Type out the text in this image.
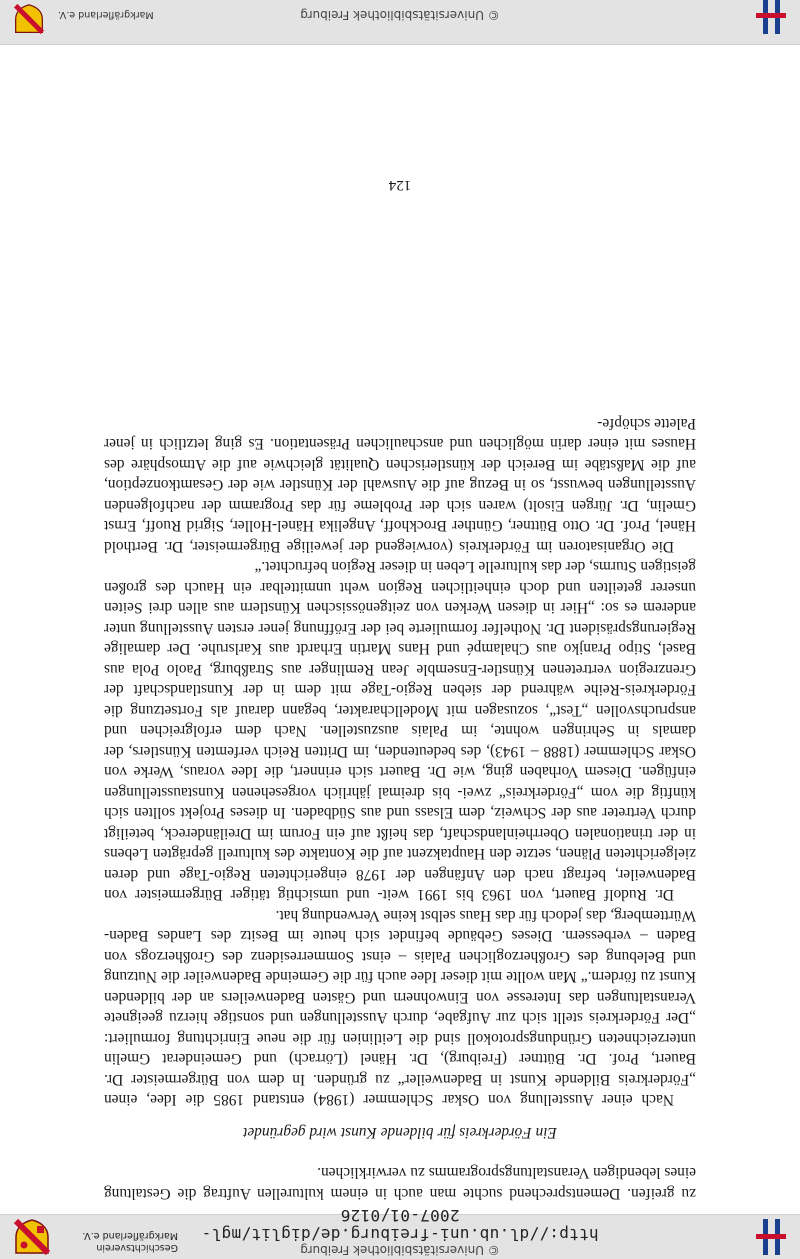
© Universitätsbibliothek Freiburg
http://dl.ub.uni-freiburg.de/diglit/mgl-2007-01/0126
Geschichtsverein
Markgräflerland e.V.

zu greifen. Dementsprechend suchte man auch in einem kulturellen Auftrag die Gestaltung eines lebendigen Veranstaltungsprogramms zu verwirklichen.

Ein Förderkreis für bildende Kunst wird gegründet

Nach einer Ausstellung von Oskar Schlemmer (1984) entstand 1985 die Idee, einen „Förderkreis Bildende Kunst in Badenweiler“ zu gründen. In dem von Bürgermeister Dr. Bauert, Prof. Dr. Büttner (Freiburg), Dr. Hänel (Lörrach) und Gemeinderat Gmelin unterzeichneten Gründungsprotokoll sind die Leitlinien für die neue Einrichtung formuliert: „Der Förderkreis stellt sich zur Aufgabe, durch Ausstellungen und sonstige hierzu geeignete Veranstaltungen das Interesse von Einwohnern und Gästen Badenweilers an der bildenden Kunst zu fördern.“ Man wollte mit dieser Idee auch für die Gemeinde Badenweiler die Nutzung und Belebung des Großherzoglichen Palais – einst Sommerresidenz des Großherzogs von Baden – verbessern. Dieses Gebäude befindet sich heute im Besitz des Landes Baden-Württemberg, das jedoch für das Haus selbst keine Verwendung hat.

Dr. Rudolf Bauert, von 1963 bis 1991 weit- und umsichtig tätiger Bürgermeister von Badenweiler, befragt nach den Anfängen der 1978 eingerichteten Regio-Tage und deren zielgerichteten Plänen, setzte den Hauptakzent auf die Kontakte des kulturell geprägten Lebens in der trinationalen Oberrheinlandschaft, das heißt auf ein Forum im Dreiländereck, beteiligt durch Vertreter aus der Schweiz, dem Elsass und aus Südbaden. In dieses Projekt sollten sich künftig die vom „Förderkreis“ zwei- bis dreimal jährlich vorgesehenen Kunstausstellungen einfügen. Diesem Vorhaben ging, wie Dr. Bauert sich erinnert, die Idee voraus, Werke von Oskar Schlemmer (1888 – 1943), des bedeutenden, im Dritten Reich verfemten Künstlers, der damals in Sehringen wohnte, im Palais auszustellen. Nach dem erfolgreichen und anspruchsvollen „Test“, sozusagen mit Modellcharakter, begann darauf als Fortsetzung die Förderkreis-Reihe während der sieben Regio-Tage mit dem in der Kunstlandschaft der Grenzregion vertretenen Künstler-Ensemble Jean Remlinger aus Straßburg, Paolo Pola aus Basel, Stipo Pranjko aus Chalampé und Hans Martin Erhardt aus Karlsruhe. Der damalige Regierungspräsident Dr. Nothelfer formulierte bei der Eröffnung jener ersten Ausstellung unter anderem es so: „Hier in diesen Werken von zeitgenössischen Künstlern aus allen drei Seiten unserer geteilten und doch einheitlichen Region weht unmittelbar ein Hauch des großen geistigen Sturms, der das kulturelle Leben in dieser Region befruchtet.“

Die Organisatoren im Förderkreis (vorwiegend der jeweilige Bürgermeister, Dr. Berthold Hänel, Prof. Dr. Otto Büttner, Günther Brockhoff, Angelika Hänel-Holler, Sigrid Ruoff, Ernst Gmelin, Dr. Jürgen Eisolt) waren sich der Probleme für das Programm der nachfolgenden Ausstellungen bewusst, so in Bezug auf die Auswahl der Künstler wie der Gesamtkonzeption, auf die Maßstäbe im Bereich der künstlerischen Qualität gleichwie auf die Atmosphäre des Hauses mit einer darin möglichen und anschaulichen Präsentation. Es ging letztlich in jener Palette schöpfe-

124
© Universitätsbibliothek Freiburg
Markgräflerland e.V.
